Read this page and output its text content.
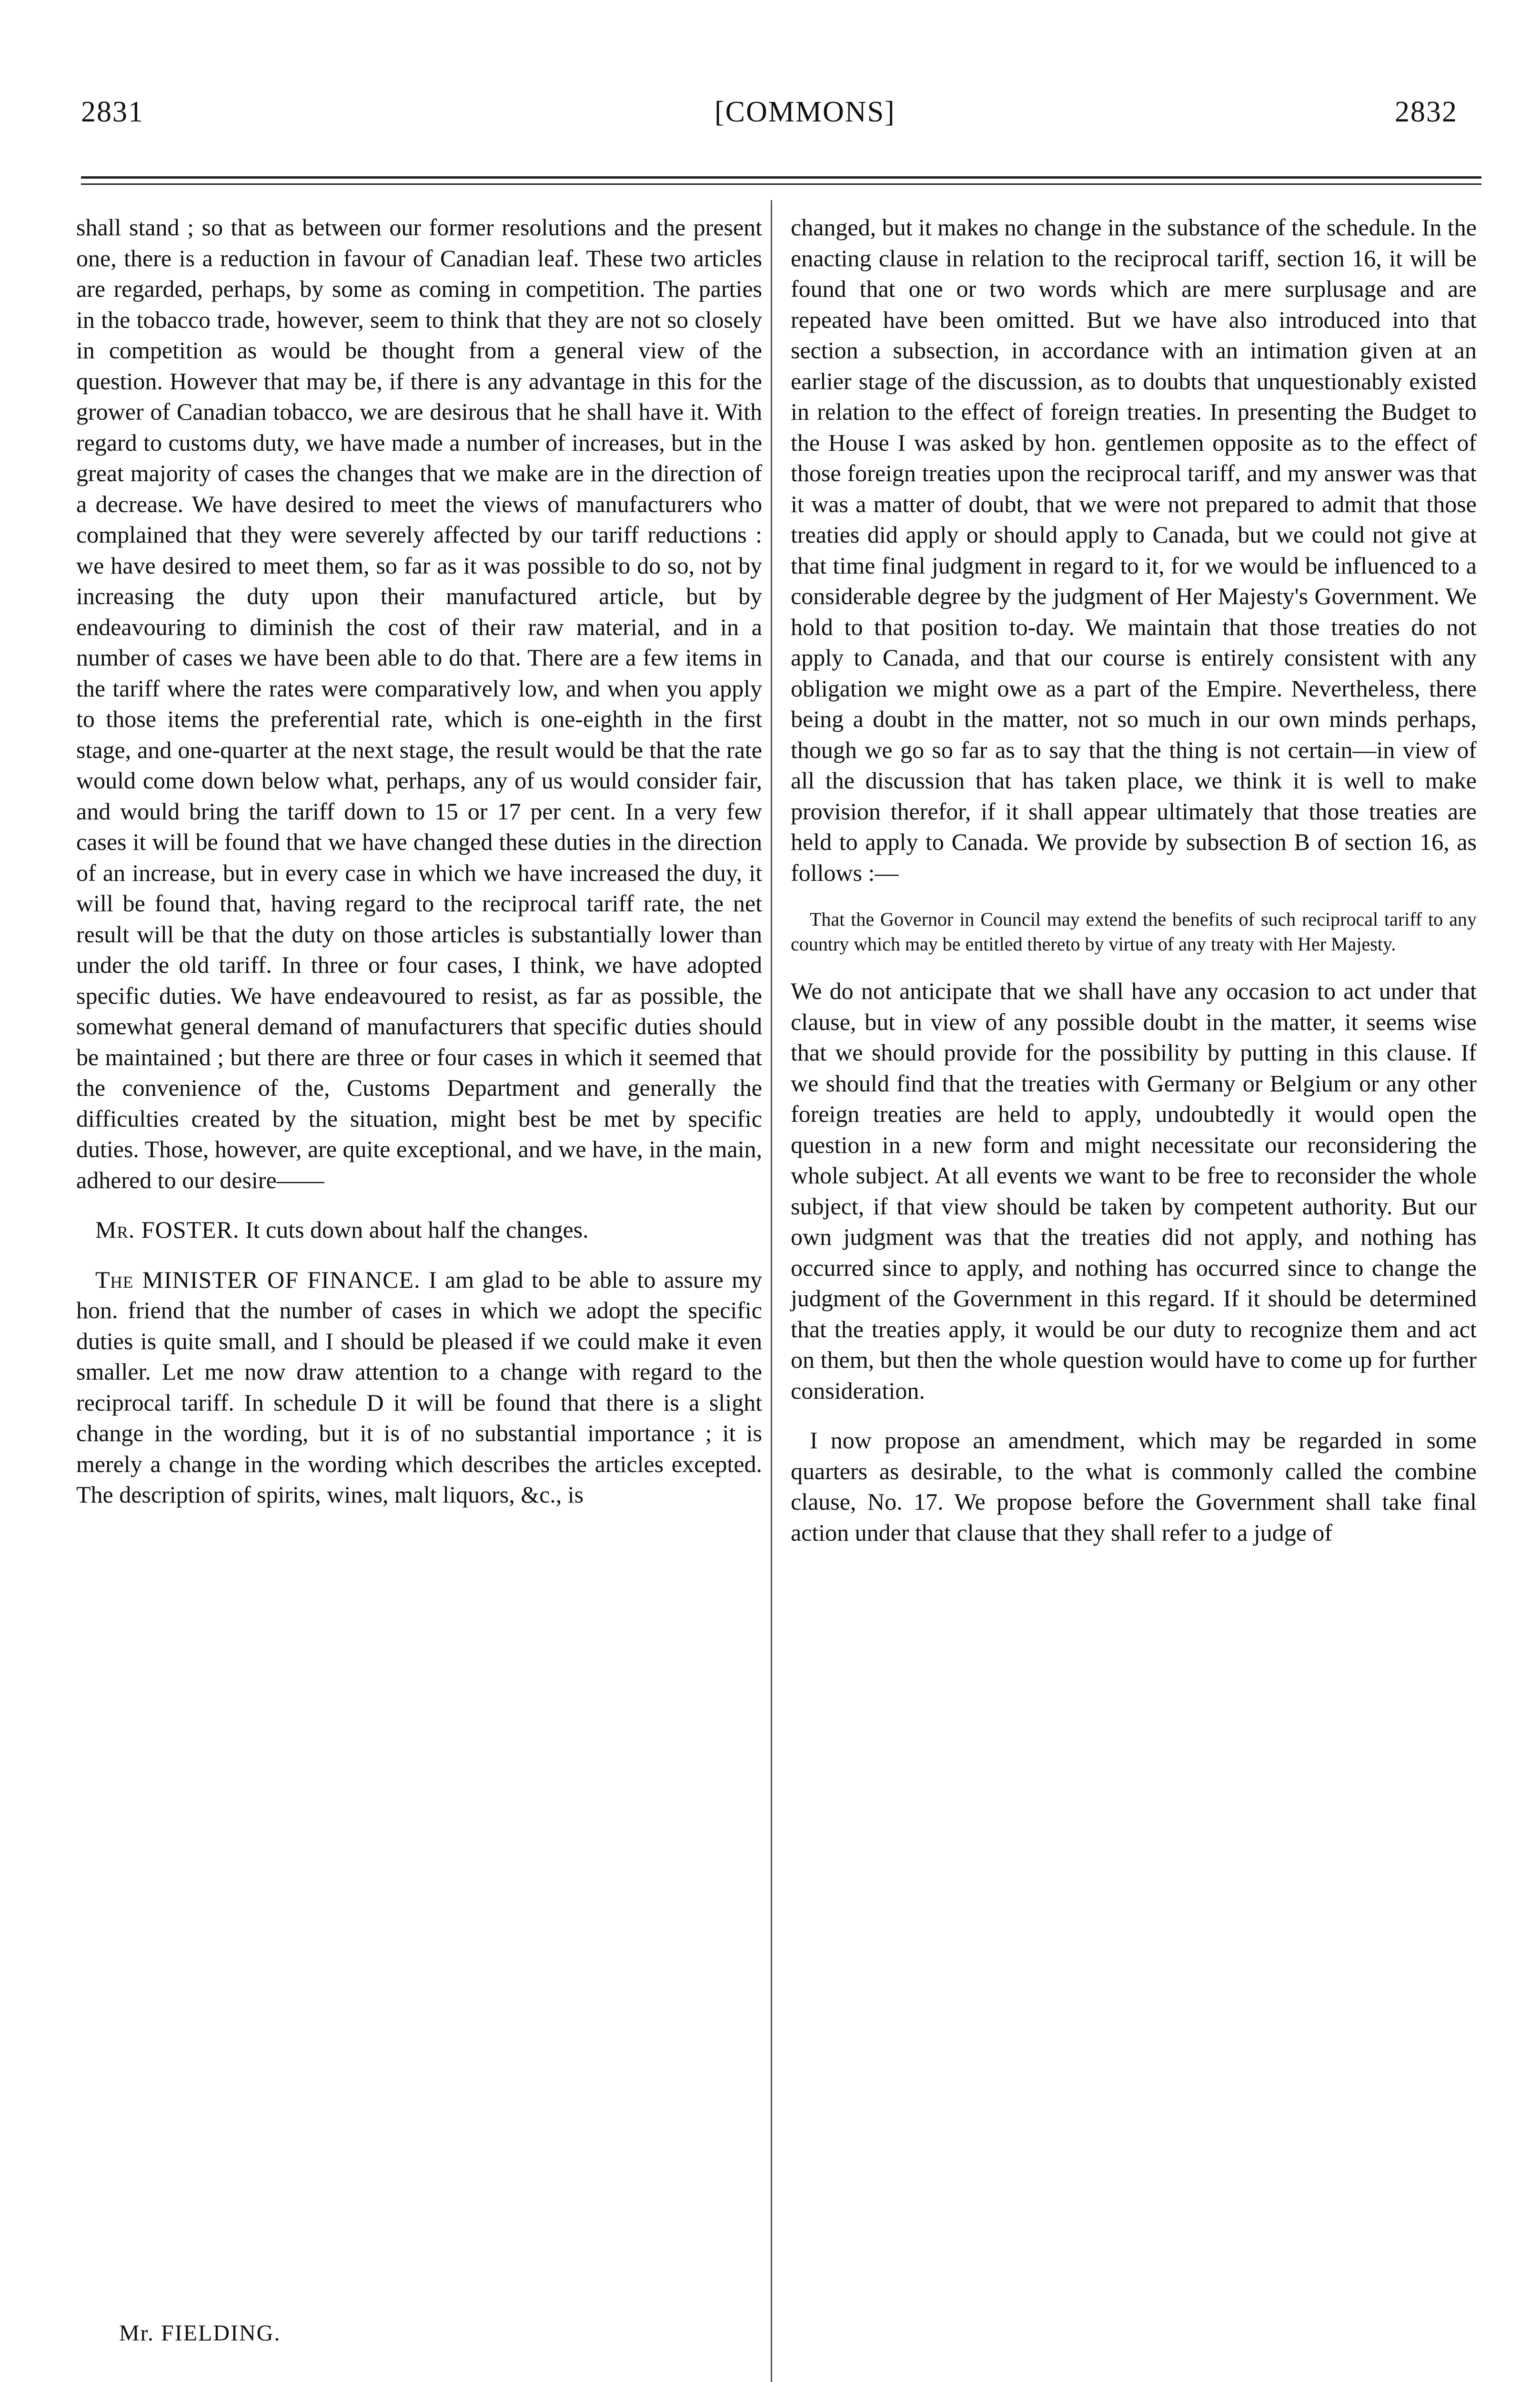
2831	[COMMONS]	2832

shall stand ; so that as between our former resolutions and the present one, there is a reduction in favour of Canadian leaf. These two articles are regarded, perhaps, by some as coming in competition. The parties in the tobacco trade, however, seem to think that they are not so closely in competition as would be thought from a general view of the question. However that may be, if there is any advantage in this for the grower of Canadian tobacco, we are desirous that he shall have it. With regard to customs duty, we have made a number of increases, but in the great majority of cases the changes that we make are in the direction of a decrease. We have desired to meet the views of manufacturers who complained that they were severely affected by our tariff reductions : we have desired to meet them, so far as it was possible to do so, not by increasing the duty upon their manufactured article, but by endeavouring to diminish the cost of their raw material, and in a number of cases we have been able to do that. There are a few items in the tariff where the rates were comparatively low, and when you apply to those items the preferential rate, which is one-eighth in the first stage, and one-quarter at the next stage, the result would be that the rate would come down below what, perhaps, any of us would consider fair, and would bring the tariff down to 15 or 17 per cent. In a very few cases it will be found that we have changed these duties in the direction of an increase, but in every case in which we have increased the duy, it will be found that, having regard to the reciprocal tariff rate, the net result will be that the duty on those articles is substantially lower than under the old tariff. In three or four cases, I think, we have adopted specific duties. We have endeavoured to resist, as far as possible, the somewhat general demand of manufacturers that specific duties should be maintained ; but there are three or four cases in which it seemed that the convenience of the, Customs Department and generally the difficulties created by the situation, might best be met by specific duties. Those, however, are quite exceptional, and we have, in the main, adhered to our desire——

Mr. FOSTER. It cuts down about half the changes.

The MINISTER OF FINANCE. I am glad to be able to assure my hon. friend that the number of cases in which we adopt the specific duties is quite small, and I should be pleased if we could make it even smaller. Let me now draw attention to a change with regard to the reciprocal tariff. In schedule D it will be found that there is a slight change in the wording, but it is of no substantial importance ; it is merely a change in the wording which describes the articles excepted. The description of spirits, wines, malt liquors, &c., is

changed, but it makes no change in the substance of the schedule. In the enacting clause in relation to the reciprocal tariff, section 16, it will be found that one or two words which are mere surplusage and are repeated have been omitted. But we have also introduced into that section a subsection, in accordance with an intimation given at an earlier stage of the discussion, as to doubts that unquestionably existed in relation to the effect of foreign treaties. In presenting the Budget to the House I was asked by hon. gentlemen opposite as to the effect of those foreign treaties upon the reciprocal tariff, and my answer was that it was a matter of doubt, that we were not prepared to admit that those treaties did apply or should apply to Canada, but we could not give at that time final judgment in regard to it, for we would be influenced to a considerable degree by the judgment of Her Majesty's Government. We hold to that position to-day. We maintain that those treaties do not apply to Canada, and that our course is entirely consistent with any obligation we might owe as a part of the Empire. Nevertheless, there being a doubt in the matter, not so much in our own minds perhaps, though we go so far as to say that the thing is not certain—in view of all the discussion that has taken place, we think it is well to make provision therefor, if it shall appear ultimately that those treaties are held to apply to Canada. We provide by subsection B of section 16, as follows :—

That the Governor in Council may extend the benefits of such reciprocal tariff to any country which may be entitled thereto by virtue of any treaty with Her Majesty.

We do not anticipate that we shall have any occasion to act under that clause, but in view of any possible doubt in the matter, it seems wise that we should provide for the possibility by putting in this clause. If we should find that the treaties with Germany or Belgium or any other foreign treaties are held to apply, undoubtedly it would open the question in a new form and might necessitate our reconsidering the whole subject. At all events we want to be free to reconsider the whole subject, if that view should be taken by competent authority. But our own judgment was that the treaties did not apply, and nothing has occurred since to apply, and nothing has occurred since to change the judgment of the Government in this regard. If it should be determined that the treaties apply, it would be our duty to recognize them and act on them, but then the whole question would have to come up for further consideration.

I now propose an amendment, which may be regarded in some quarters as desirable, to the what is commonly called the combine clause, No. 17. We propose before the Government shall take final action under that clause that they shall refer to a judge of

Mr. FIELDING.
